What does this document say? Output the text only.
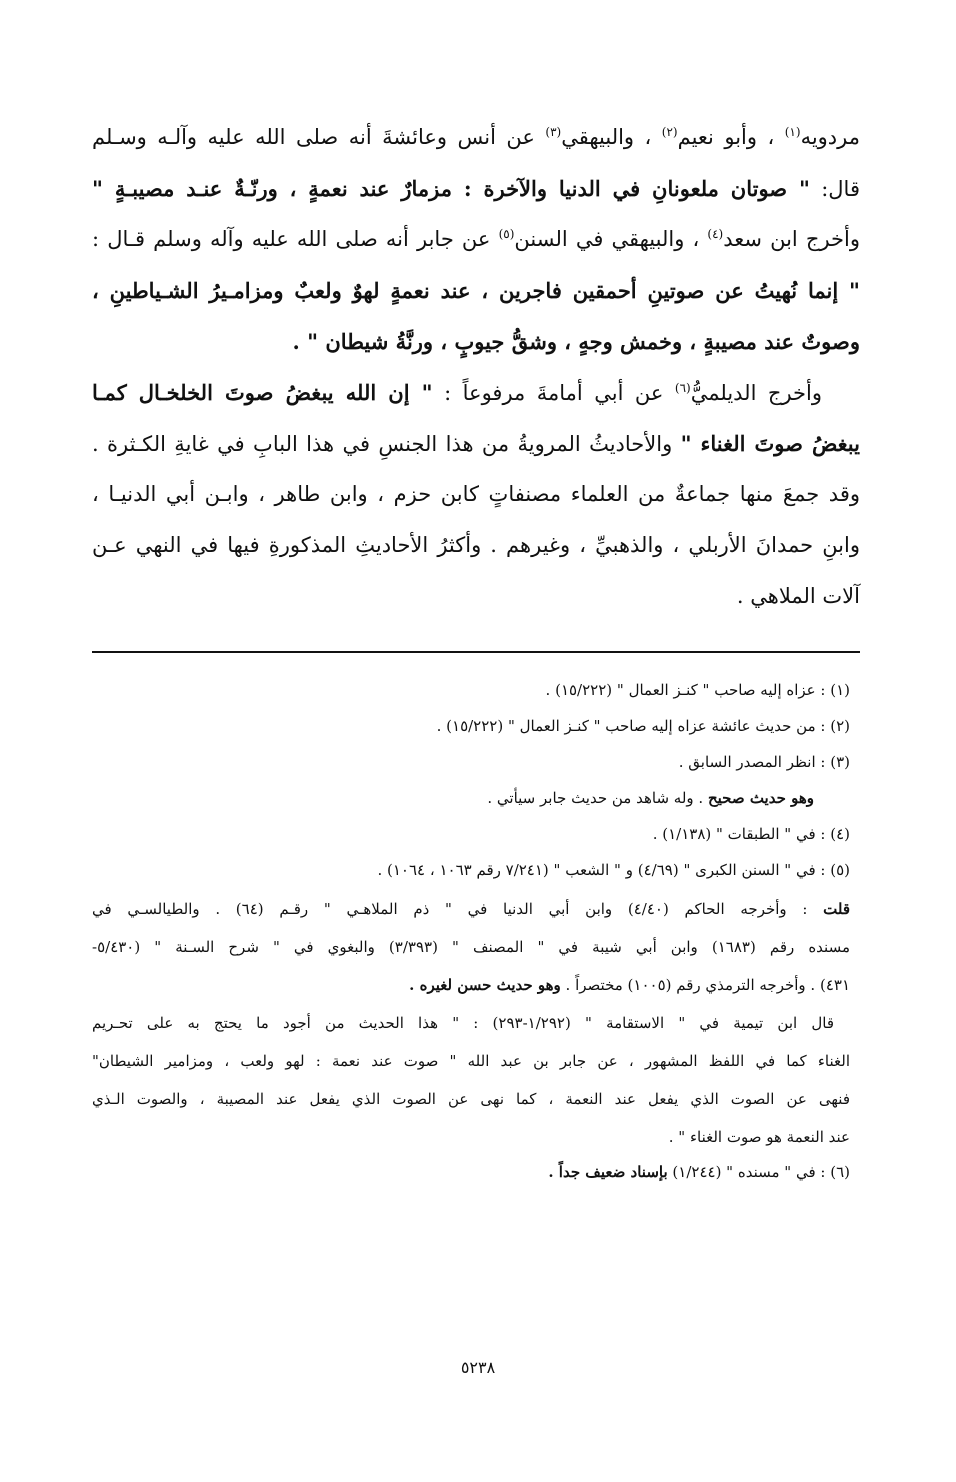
مردويه$^{(١)}$ ، وأبو نعيم$^{(٢)}$ ، والبيهقي$^{(٣)}$ عن أنس وعائشةَ أنه صلى الله عليه وآلـه وسـلم
قال: " صوتان ملعونانِ في الدنيا والآخرة : مزمارٌ عند نعمةٍ ، ورنّـةٌ عنـد مصيبـةٍ "
وأخرج ابن سعد$^{(٤)}$ ، والبيهقي في السنن$^{(٥)}$ عن جابر أنه صلى الله عليه وآله وسلم قـال :
" إنما نُهيتُ عن صوتينِ أحمقين فاجرين ، عند نعمةٍ لهوٌ ولعبٌ ومزامـيرُ الشـياطينِ ،
وصوتٌ عند مصيبةٍ ، وخمش وجهٍ ، وشقُّ جيوبٍ ، ورنَّةُ شيطان " .
وأخرج الديلميُّ$^{(٦)}$ عن أبي أمامةَ مرفوعاً : " إن الله يبغضُ صوتَ الخلخـال كمـا
يبغضُ صوتَ الغناء " والأحاديثُ المرويةُ من هذا الجنسِ في هذا البابِ في غايةِ الكـثرة .
وقد جمعَ منها جماعةٌ من العلماء مصنفاتٍ كابن حزم ، وابن طاهر ، وابـن أبي الدنيـا ،
وابنِ حمدانَ الأربلي ، والذهبيِّ ، وغيرهم . وأكثرُ الأحاديثِ المذكورةِ فيها في النهي عـن
آلات الملاهي .
(١) : عزاه إليه صاحب " كنـز العمال " (١٥/٢٢٢) .
(٢) : من حديث عائشة عزاه إليه صاحب " كنـز العمال " (١٥/٢٢٢) .
(٣) : انظر المصدر السابق .
وهو حديث صحيح . وله شاهد من حديث جابر سيأتي .
(٤) : في " الطبقات " (١/١٣٨) .
(٥) : في " السنن الكبرى " (٤/٦٩) و " الشعب " (٧/٢٤١ رقم ١٠٦٣ ، ١٠٦٤) .
قلت : وأخرجه الحاكم (٤/٤٠) وابن أبي الدنيا في " ذم الملاهـي " رقـم (٦٤) . والطيالسـي في
مسنده رقم (١٦٨٣) وابن أبي شيبة في " المصنف " (٣/٣٩٣) والبغوي في " شرح السـنة " (٥/٤٣٠-
٤٣١) . وأخرجه الترمذي رقم (١٠٠٥) مختصراً . وهو حديث حسن لغيره .
قال ابن تيمية في " الاستقامة " (١/٢٩٢-٢٩٣) : " هذا الحديث من أجود ما يحتج به على تحـريم
الغناء كما في اللفظ المشهور ، عن جابر بن عبد الله " صوت عند نعمة : لهو ولعب ، ومزامير الشيطان"
فنهى عن الصوت الذي يفعل عند النعمة ، كما نهى عن الصوت الذي يفعل عند المصيبة ، والصوت الـذي
عند النعمة هو صوت الغناء " .
(٦) : في " مسنده " (١/٢٤٤) بإسناد ضعيف جداً .
٥٢٣٨
